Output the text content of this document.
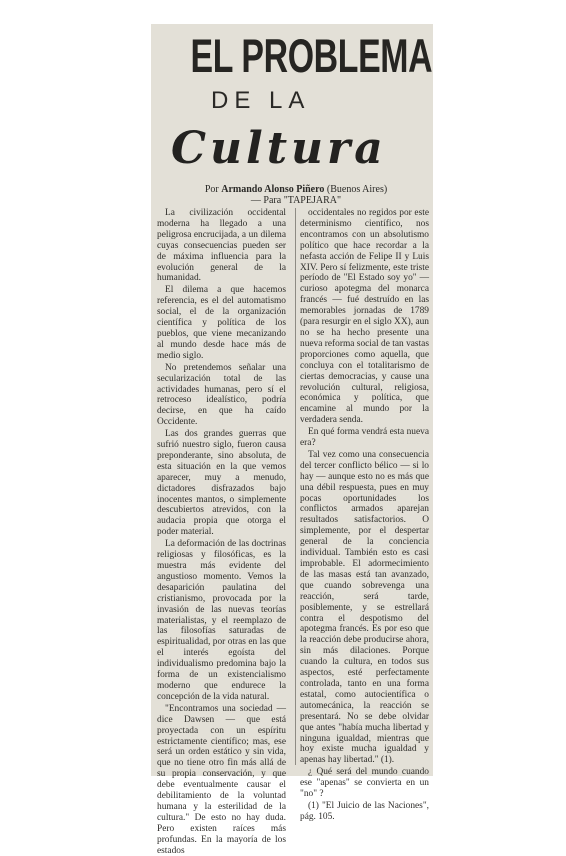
EL PROBLEMA
DE LA
Cultura
Por Armando Alonso Piñero (Buenos Aires)
— Para "TAPEJARA"

La civilización occidental moderna ha llegado a una peligrosa encrucijada, a un dilema cuyas consecuencias pueden ser de máxima influencia para la evolución general de la humanidad.

El dilema a que hacemos referencia, es el del automatismo social, el de la organización científica y política de los pueblos, que viene mecanizando al mundo desde hace más de medio siglo.

No pretendemos señalar una secularización total de las actividades humanas, pero sí el retroceso idealístico, podría decirse, en que ha caído Occidente.

Las dos grandes guerras que sufrió nuestro siglo, fueron causa preponderante, sino absoluta, de esta situación en la que vemos aparecer, muy a menudo, dictadores disfrazados bajo inocentes mantos, o simplemente descubiertos atrevidos, con la audacia propia que otorga el poder material.

La deformación de las doctrinas religiosas y filosóficas, es la muestra más evidente del angustioso momento. Vemos la desaparición paulatina del cristianismo, provocada por la invasión de las nuevas teorías materialistas, y el reemplazo de las filosofías saturadas de espiritualidad, por otras en las que el interés egoísta del individualismo predomina bajo la forma de un existencialismo moderno que endurece la concepción de la vida natural.

"Encontramos una sociedad — dice Dawsen — que está proyectada con un espíritu estrictamente científico; mas, ese será un orden estático y sin vida, que no tiene otro fin más allá de su propia conservación, y que debe eventualmente causar el debilitamiento de la voluntad humana y la esterilidad de la cultura." De esto no hay duda. Pero existen raíces más profundas. En la mayoría de los estados

occidentales no regidos por este determinismo científico, nos encontramos con un absolutismo político que hace recordar a la nefasta acción de Felipe II y Luis XIV. Pero sí felizmente, este triste período de "El Estado soy yo" — curioso apotegma del monarca francés — fué destruído en las memorables jornadas de 1789 (para resurgir en el siglo XX), aun no se ha hecho presente una nueva reforma social de tan vastas proporciones como aquella, que concluya con el totalitarismo de ciertas democracias, y cause una revolución cultural, religiosa, económica y política, que encamine al mundo por la verdadera senda.

En qué forma vendrá esta nueva era?

Tal vez como una consecuencia del tercer conflicto bélico — si lo hay — aunque esto no es más que una débil respuesta, pues en muy pocas oportunidades los conflictos armados aparejan resultados satisfactorios. O simplemente, por el despertar general de la conciencia individual. También esto es casi improbable. El adormecimiento de las masas está tan avanzado, que cuando sobrevenga una reacción, será tarde, posiblemente, y se estrellará contra el despotismo del apotegma francés. Es por eso que la reacción debe producirse ahora, sin más dilaciones. Porque cuando la cultura, en todos sus aspectos, esté perfectamente controlada, tanto en una forma estatal, como autocientífica o automecánica, la reacción se presentará. No se debe olvidar que antes "había mucha libertad y ninguna igualdad, mientras que hoy existe mucha igualdad y apenas hay libertad." (1).

¿ Qué será del mundo cuando ese "apenas" se convierta en un "no" ?

(1) "El Juicio de las Naciones", pág. 105.
